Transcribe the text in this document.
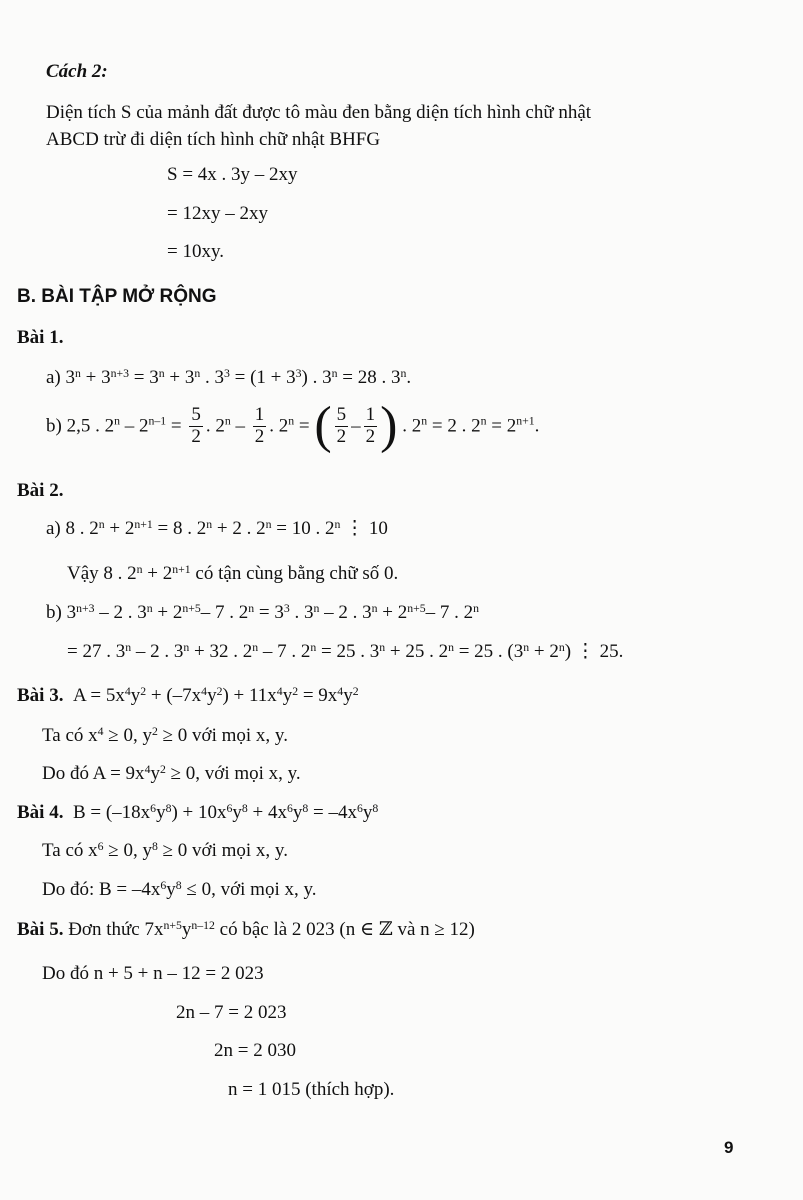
Cách 2:
Diện tích S của mảnh đất được tô màu đen bằng diện tích hình chữ nhật
ABCD trừ đi diện tích hình chữ nhật BHFG
S = 4x . 3y – 2xy
= 12xy – 2xy
= 10xy.
B. BÀI TẬP MỞ RỘNG
Bài 1.
a) $3^n + 3^{n+3} = 3^n + 3^n$ . $3^3 = (1 + 3^3)$ . $3^n = 28$ . 3$^n$.
b) 2,5 . $2^n - 2^{n-1} = \frac{5}{2}$ . $2^n - \frac{1}{2}$ . $2^n$ = ( $\frac{5}{2} - \frac{1}{2}$ ) . $2^n = 2$ . $2^n = 2^{n+1}$.
Bài 2.
a) 8 . $2^n + 2^{n+1} = 8$ . $2^n + 2$ . $2^n = 10$ . 2$^n$ ⋮ 10
Vậy 8 . $2^n + 2^{n+1}$ có tận cùng bằng chữ số 0.
b) $3^{n+3} - 2$ . $3^n + 2^{n+5}-$ 7 . $2^n = 3^3$ . 3$^n$ – 2 . $3^n + 2^{n+5}-$ 7 . $2^n$
= 27 . 3$^n$ – 2 . $3^n + 32$ . 2$^n$ – 7 . $2^n = 25$ . $3^n + 25$ . $2^n = 25$ . $(3^n + 2^n)$ ⋮ 25.
Bài 3. $A = 5x^4y^2 + (-7x^4y^2) + 11x^4y^2 = 9x^4y^2$
Ta có $x^4 \ge 0$, $y^2 \ge 0$ với mọi x, y.
Do đó $A = 9x^4y^2 \ge 0$, với mọi x, y.
Bài 4. $B = (-18x^6y^8) + 10x^6y^8 + 4x^6y^8 = -4x^6y^8$
Ta có $x^6 \ge 0$, $y^8 \ge 0$ với mọi x, y.
Do đó: $B = -4x^6y^8 \le 0$, với mọi x, y.
Bài 5. Đơn thức $7x^{n+5}y^{n-12}$ có bậc là 2 023 (n ∈ ℤ và n ≥ 12)
Do đó n + 5 + n – 12 = 2 023
2n – 7 = 2 023
2n = 2 030
n = 1 015 (thích hợp).
9
